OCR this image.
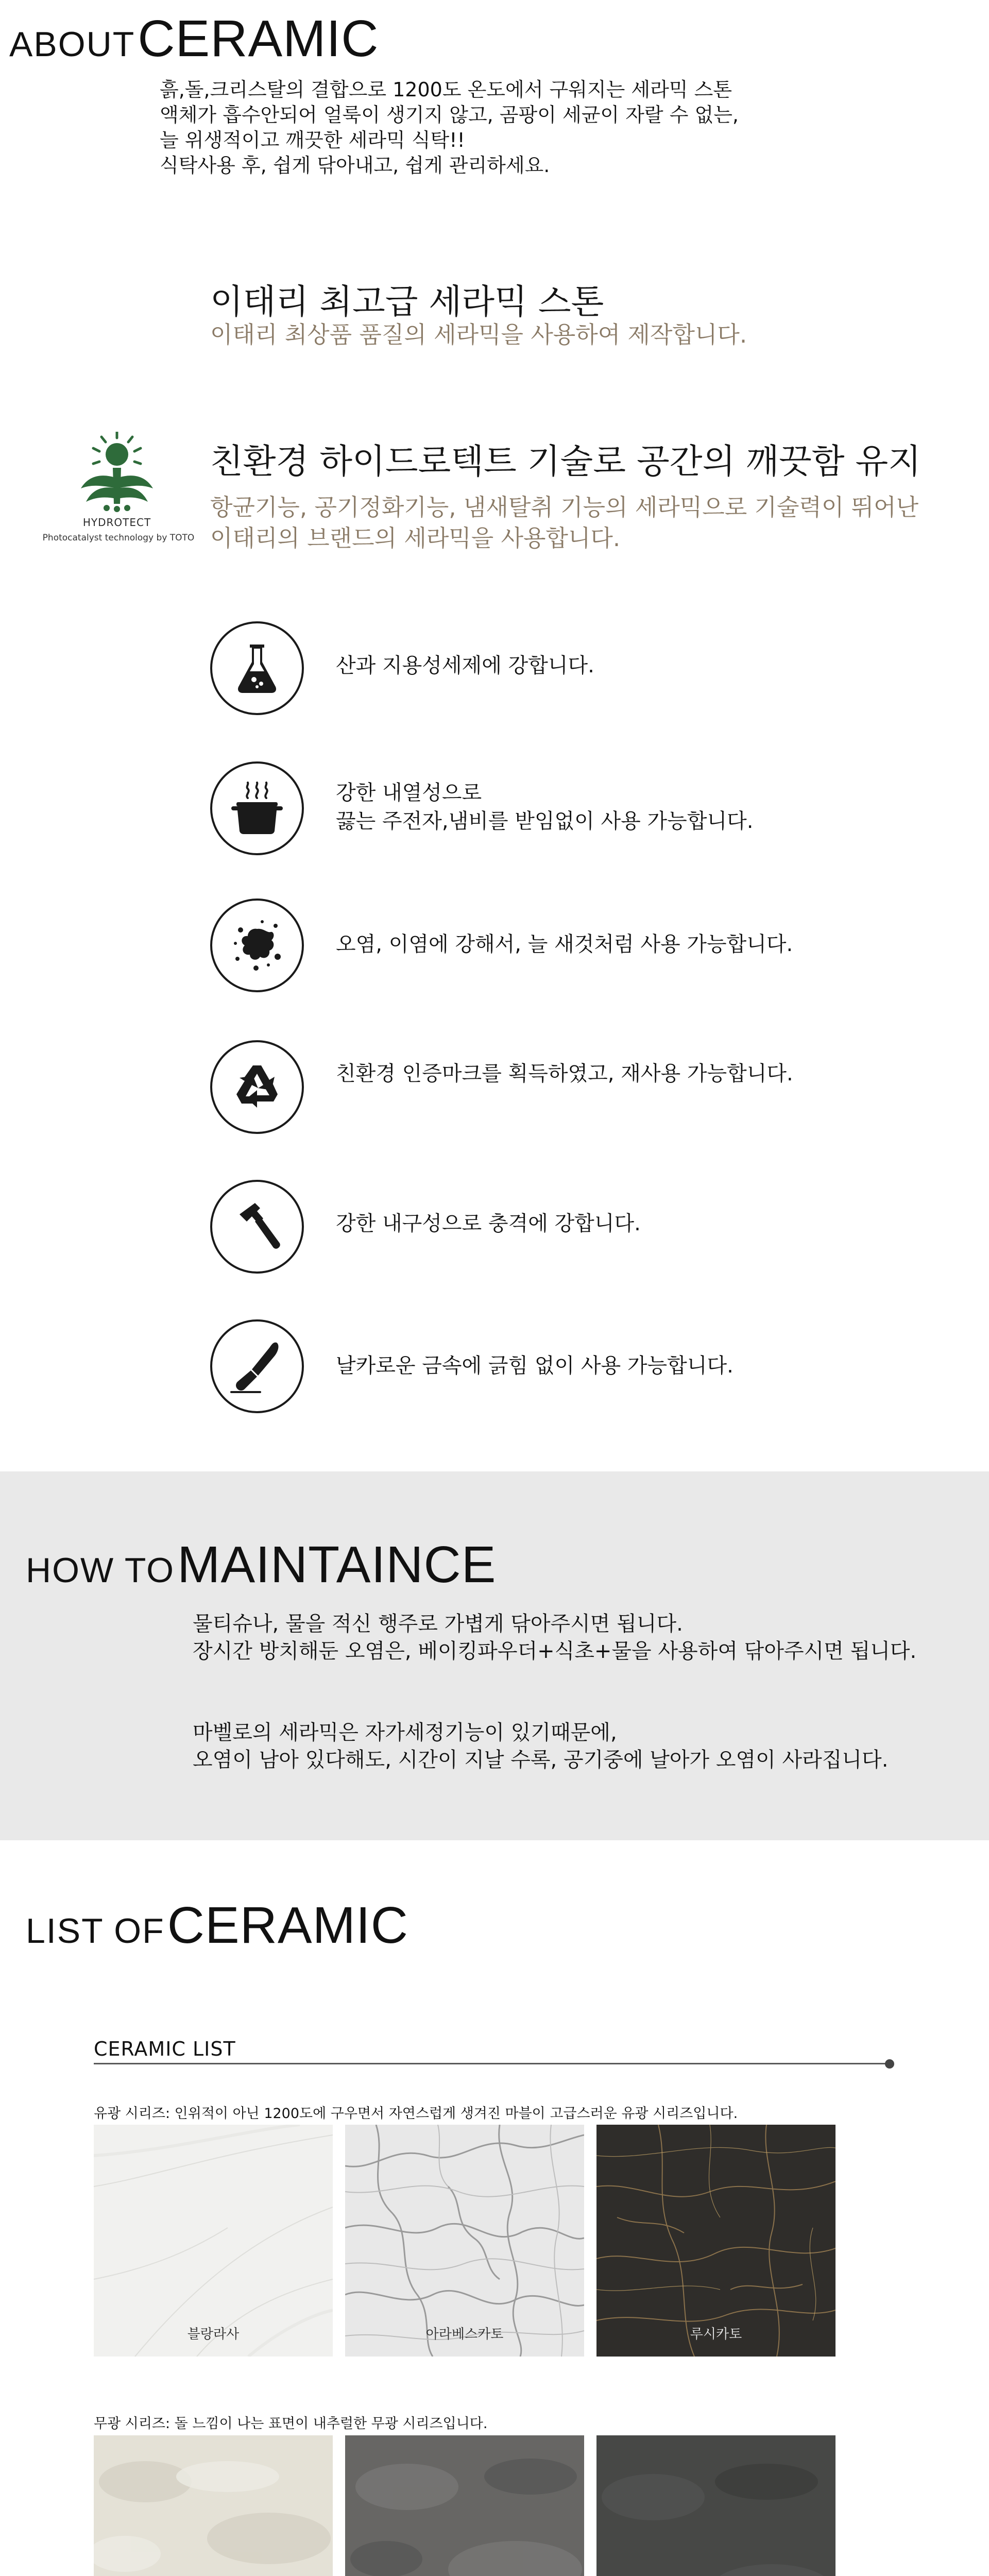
ABOUT CERAMIC

흙,돌,크리스탈의 결합으로 1200도 온도에서 구워지는 세라믹 스톤

액체가 흡수안되어 얼룩이 생기지 않고, 곰팡이 세균이 자랄 수 없는,

늘 위생적이고 깨끗한 세라믹 식탁!!

식탁사용 후, 쉽게 닦아내고, 쉽게 관리하세요.

이태리 최고급 세라믹 스톤
이태리 최상품 품질의 세라믹을 사용하여 제작합니다.
HYDROTECT
Photocatalyst technology by TOTO
친환경 하이드로텍트 기술로 공간의 깨끗함 유지
항균기능, 공기정화기능, 냄새탈취 기능의 세라믹으로 기술력이 뛰어난
이태리의 브랜드의 세라믹을 사용합니다.

산과 지용성세제에 강합니다.

강한 내열성으로

끓는 주전자,냄비를 받임없이 사용 가능합니다.

오염, 이염에 강해서, 늘 새것처럼 사용 가능합니다.

친환경 인증마크를 획득하였고, 재사용 가능합니다.

강한 내구성으로 충격에 강합니다.

날카로운 금속에 긁힘 없이 사용 가능합니다.

HOW TO MAINTAINCE

물티슈나, 물을 적신 행주로 가볍게 닦아주시면 됩니다.

장시간 방치해둔 오염은, 베이킹파우더+식초+물을 사용하여 닦아주시면 됩니다.

마벨로의 세라믹은 자가세정기능이 있기때문에,

오염이 남아 있다해도, 시간이 지날 수록, 공기중에 날아가 오염이 사라집니다.

LIST OF CERAMIC
CERAMIC LIST
유광 시리즈: 인위적이 아닌 1200도에 구우면서 자연스럽게 생겨진 마블이 고급스러운 유광 시리즈입니다.
블랑라사	아라베스카토	루시카토
무광 시리즈: 돌 느낌이 나는 표면이 내추럴한 무광 시리즈입니다.
